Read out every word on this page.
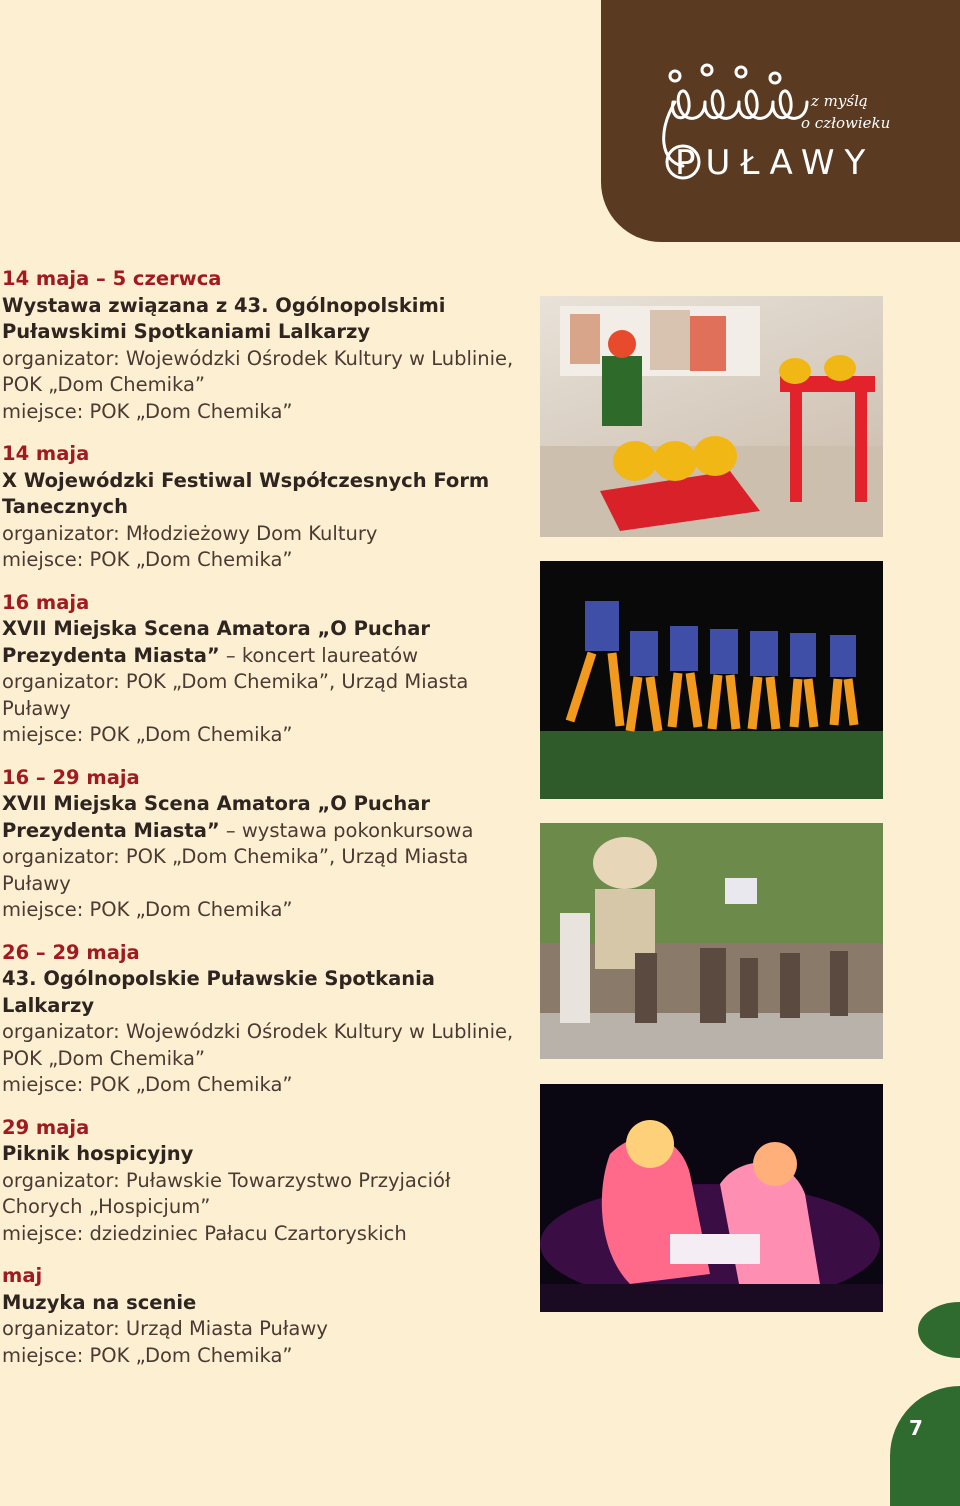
z myślą
o człowieku
PUŁAWY
14 maja – 5 czerwca
Wystawa związana z 43. Ogólnopolskimi Puławskimi Spotkaniami Lalkarzy
organizator: Wojewódzki Ośrodek Kultury w Lublinie, POK „Dom Chemika”
miejsce: POK „Dom Chemika”
14 maja
X Wojewódzki Festiwal Współczesnych Form Tanecznych
organizator: Młodzieżowy Dom Kultury
miejsce: POK „Dom Chemika”
16 maja
XVII Miejska Scena Amatora „O Puchar Prezydenta Miasta” – koncert laureatów
organizator: POK „Dom Chemika”, Urząd Miasta Puławy
miejsce: POK „Dom Chemika”
16 – 29 maja
XVII Miejska Scena Amatora „O Puchar Prezydenta Miasta” – wystawa pokonkursowa
organizator: POK „Dom Chemika”, Urząd Miasta Puławy
miejsce: POK „Dom Chemika”
26 – 29 maja
43. Ogólnopolskie Puławskie Spotkania Lalkarzy
organizator: Wojewódzki Ośrodek Kultury w Lublinie, POK „Dom Chemika”
miejsce: POK „Dom Chemika”
29 maja
Piknik hospicyjny
organizator: Puławskie Towarzystwo Przyjaciół Chorych „Hospicjum”
miejsce: dziedziniec Pałacu Czartoryskich
maj
Muzyka na scenie
organizator: Urząd Miasta Puławy
miejsce: POK „Dom Chemika”
7
